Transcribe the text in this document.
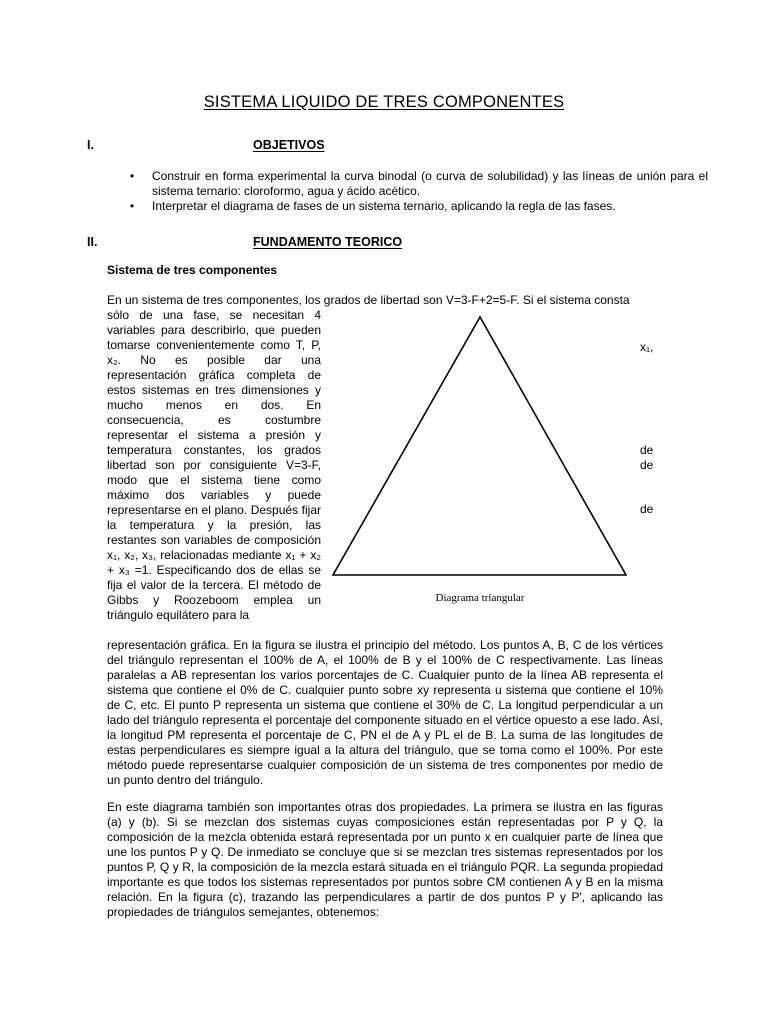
SISTEMA LIQUIDO DE TRES COMPONENTES
I.	OBJETIVOS
• Construir en forma experimental la curva binodal (o curva de solubilidad) y las líneas de unión para el sistema ternario: cloroformo, agua y ácido acético.
• Interpretar el diagrama de fases de un sistema ternario, aplicando la regla de las fases.
II.	FUNDAMENTO TEORICO
Sistema de tres componentes
En un sistema de tres componentes, los grados de libertad son V=3-F+2=5-F. Si el sistema consta
sólo de una fase, se necesitan 4 variables para describirlo, que pueden tomarse convenientemente como T, P, x₂. No es posible dar una representación gráfica completa de estos sistemas en tres dimensiones y mucho menos en dos. En consecuencia, es costumbre representar el sistema a presión y temperatura constantes, los grados libertad son por consiguiente V=3-F, modo que el sistema tiene como máximo dos variables y puede representarse en el plano. Después fijar la temperatura y la presión, las restantes son variables de composición x₁, x₂, x₃, relacionadas mediante x₁ + x₂ + x₃ =1. Especificando dos de ellas se fija el valor de la tercera. El método de Gibbs y Roozeboom emplea un triángulo equilátero para la
Diagrama triangular
x₁,
de
de
de
representación gráfica. En la figura se ilustra el principio del método. Los puntos A, B, C de los vértices del triángulo representan el 100% de A, el 100% de B y el 100% de C respectivamente. Las líneas paralelas a AB representan los varios porcentajes de C. Cualquier punto de la línea AB representa el sistema que contiene el 0% de C. cualquier punto sobre xy representa u sistema que contiene el 10% de C, etc. El punto P representa un sistema que contiene el 30% de C. La longitud perpendicular a un lado del triángulo representa el porcentaje del componente situado en el vértice opuesto a ese lado. Así, la longitud PM representa el porcentaje de C, PN el de A y PL el de B. La suma de las longitudes de estas perpendiculares es siempre igual a la altura del triángulo, que se toma como el 100%. Por este método puede representarse cualquier composición de un sistema de tres componentes por medio de un punto dentro del triángulo.
En este diagrama también son importantes otras dos propiedades. La primera se ilustra en las figuras (a) y (b). Si se mezclan dos sistemas cuyas composiciones están representadas por P y Q, la composición de la mezcla obtenida estará representada por un punto x en cualquier parte de línea que une los puntos P y Q. De inmediato se concluye que si se mezclan tres sistemas representados por los puntos P, Q y R, la composición de la mezcla estará situada en el triángulo PQR. La segunda propiedad importante es que todos los sistemas representados por puntos sobre CM contienen A y B en la misma relación. En la figura (c), trazando las perpendiculares a partir de dos puntos P y P', aplicando las propiedades de triángulos semejantes, obtenemos:
